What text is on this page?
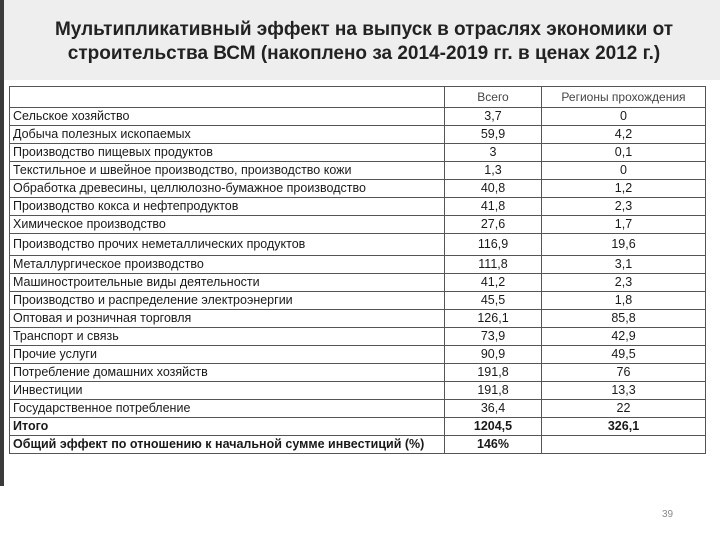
Мультипликативный эффект на выпуск в отраслях экономики от
строительства ВСМ (накоплено за 2014-2019 гг. в ценах 2012 г.)
	Всего	Регионы прохождения
Сельское хозяйство	3,7	0
Добыча полезных ископаемых	59,9	4,2
Производство пищевых продуктов	3	0,1
Текстильное и швейное производство, производство кожи	1,3	0
Обработка древесины, целлюлозно-бумажное производство	40,8	1,2
Производство кокса и нефтепродуктов	41,8	2,3
Химическое производство	27,6	1,7
Производство прочих неметаллических продуктов	116,9	19,6
Металлургическое производство	111,8	3,1
Машиностроительные виды деятельности	41,2	2,3
Производство и распределение электроэнергии	45,5	1,8
Оптовая и розничная торговля	126,1	85,8
Транспорт и связь	73,9	42,9
Прочие услуги	90,9	49,5
Потребление домашних хозяйств	191,8	76
Инвестиции	191,8	13,3
Государственное потребление	36,4	22
Итого	1204,5	326,1
Общий эффект по отношению к начальной сумме инвестиций (%)	146%	
39
